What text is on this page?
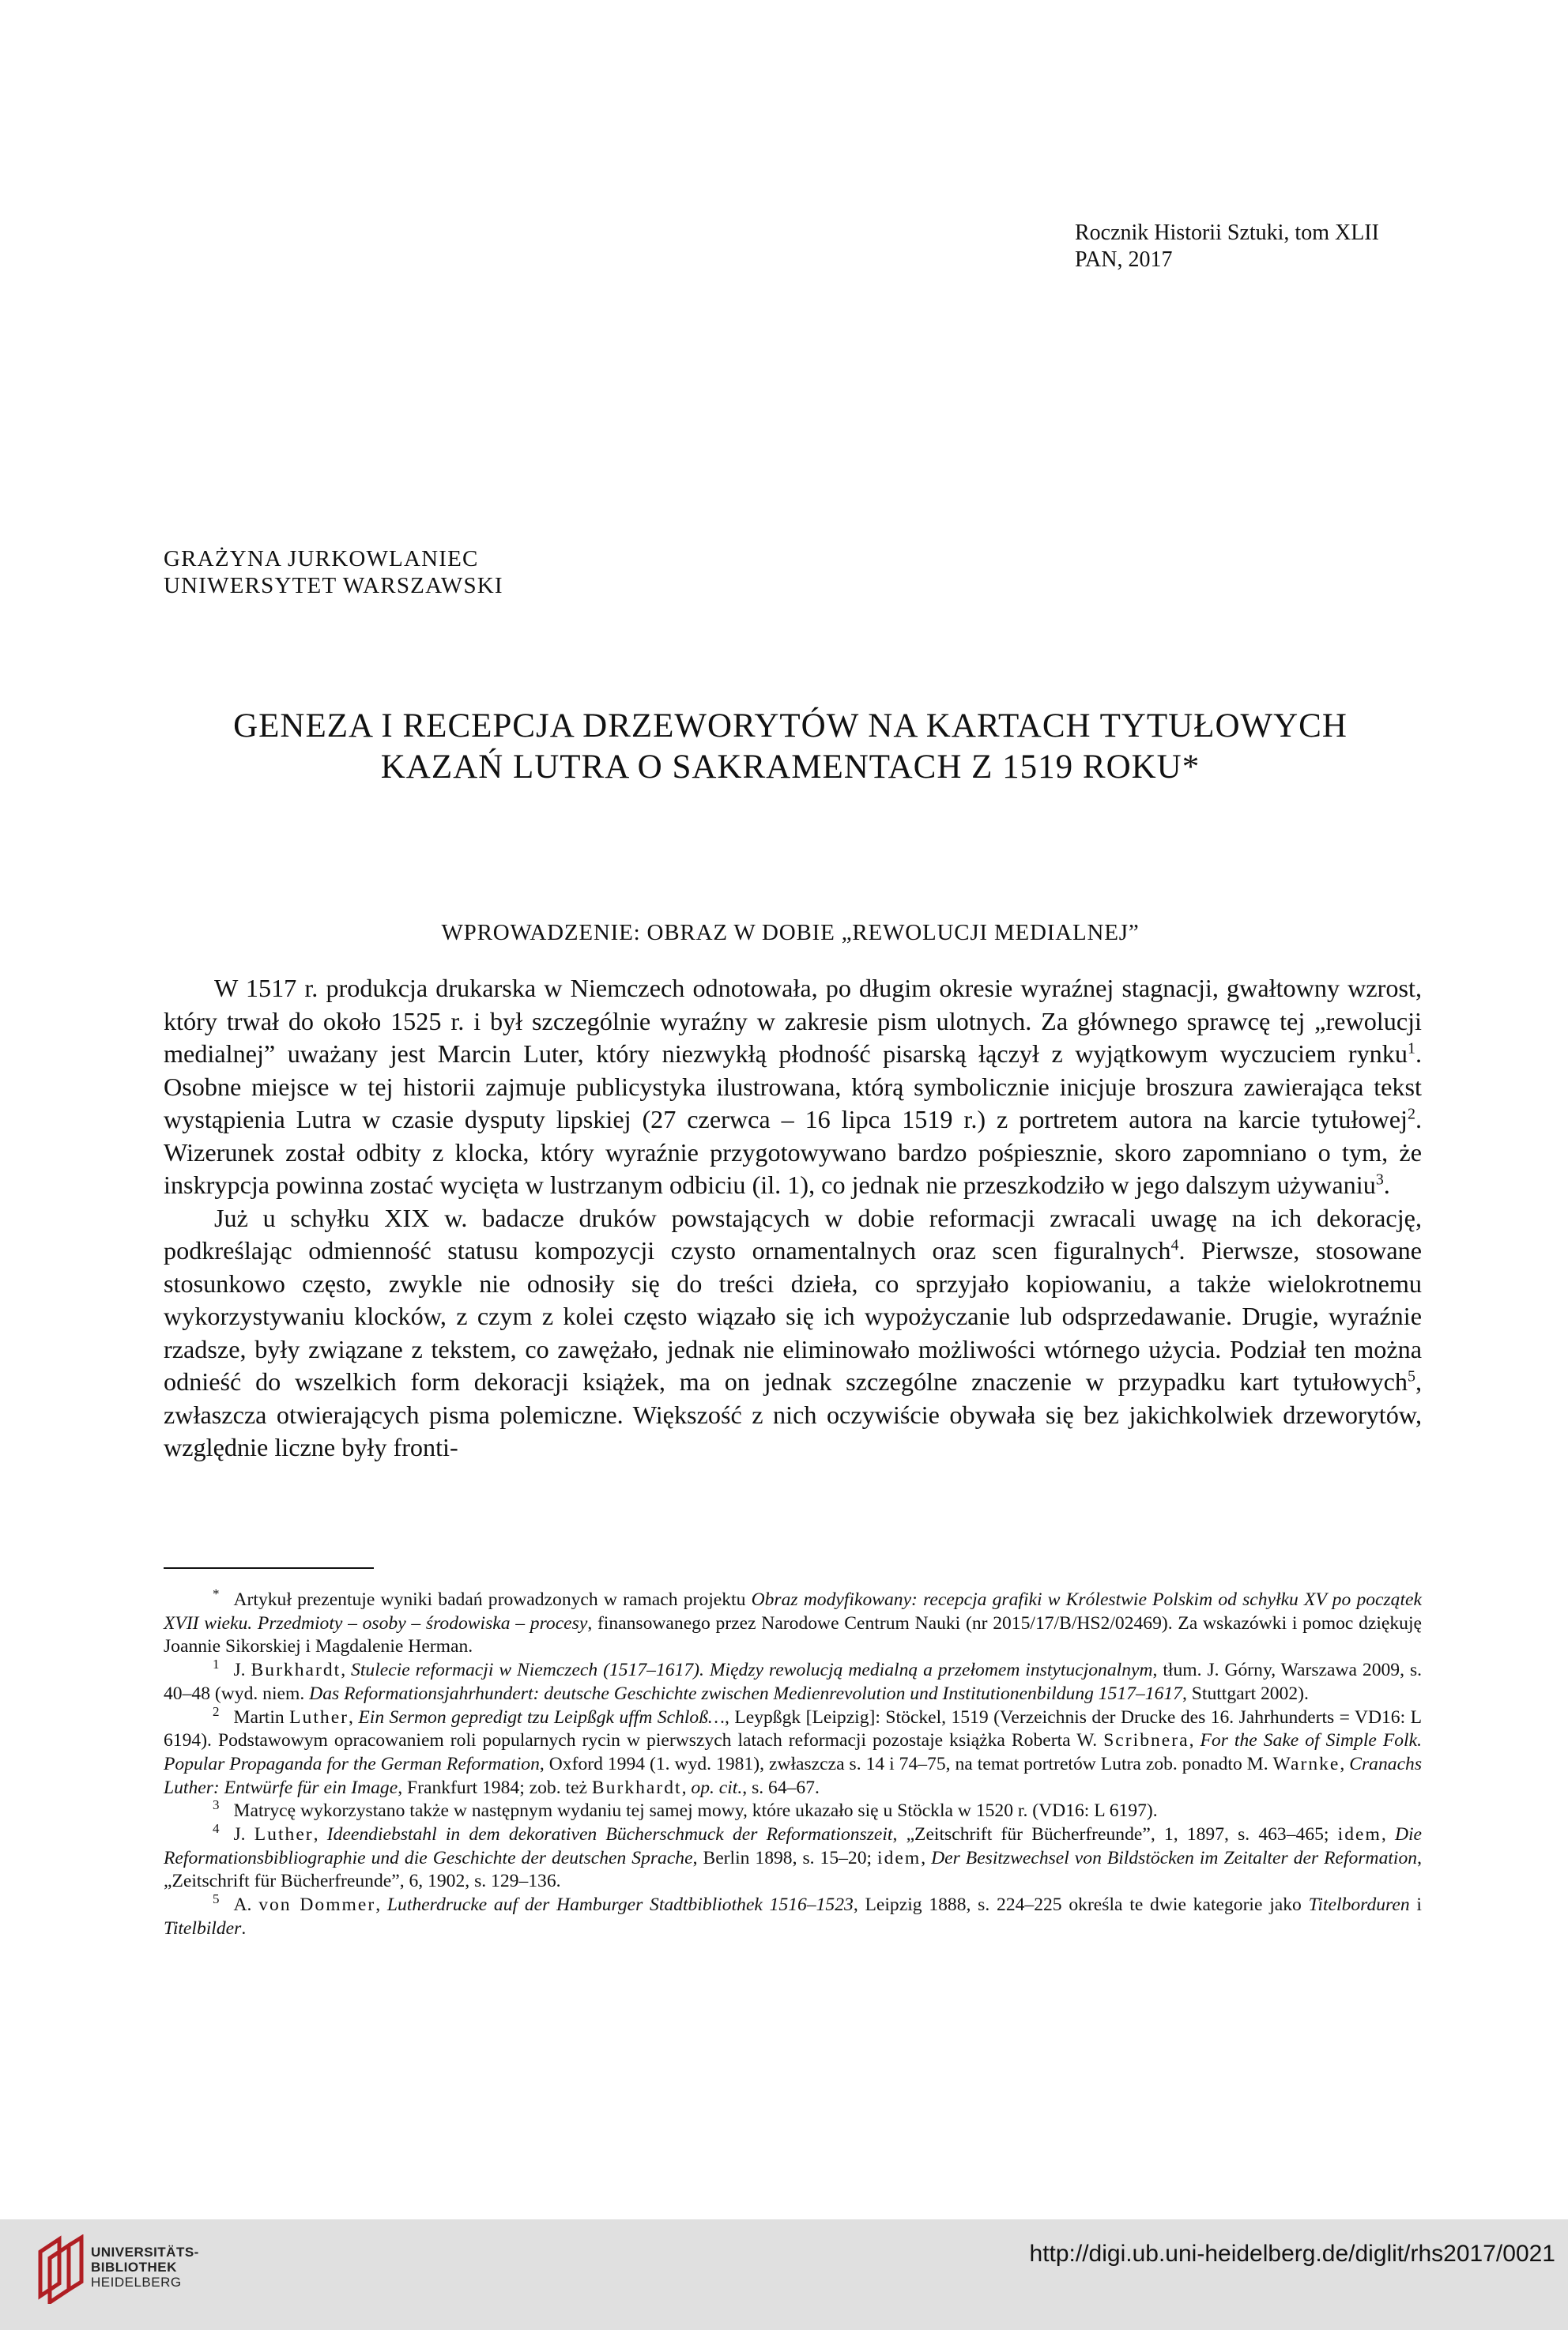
Rocznik Historii Sztuki, tom XLII
PAN, 2017
GRAŻYNA JURKOWLANIEC
UNIWERSYTET WARSZAWSKI
GENEZA I RECEPCJA DRZEWORYTÓW NA KARTACH TYTUŁOWYCH
KAZAŃ LUTRA O SAKRAMENTACH Z 1519 ROKU*
WPROWADZENIE: OBRAZ W DOBIE „REWOLUCJI MEDIALNEJ”

W 1517 r. produkcja drukarska w Niemczech odnotowała, po długim okresie wyraźnej stagnacji, gwałtowny wzrost, który trwał do około 1525 r. i był szczególnie wyraźny w zakresie pism ulotnych. Za głównego sprawcę tej „rewolucji medialnej” uważany jest Marcin Luter, który niezwykłą płodność pisarską łączył z wyjątkowym wyczuciem rynku$^1$. Osobne miejsce w tej historii zajmuje publicystyka ilustrowana, którą symbolicznie inicjuje broszura zawierająca tekst wystąpienia Lutra w czasie dysputy lipskiej (27 czerwca – 16 lipca 1519 r.) z portretem autora na karcie tytułowej$^2$. Wizerunek został odbity z klocka, który wyraźnie przygotowywano bardzo pośpiesznie, skoro zapomniano o tym, że inskrypcja powinna zostać wycięta w lustrzanym odbiciu (il. 1), co jednak nie przeszkodziło w jego dalszym używaniu$^3$.

Już u schyłku XIX w. badacze druków powstających w dobie reformacji zwracali uwagę na ich dekorację, podkreślając odmienność statusu kompozycji czysto ornamentalnych oraz scen figuralnych$^4$. Pierwsze, stosowane stosunkowo często, zwykle nie odnosiły się do treści dzieła, co sprzyjało kopiowaniu, a także wielokrotnemu wykorzystywaniu klocków, z czym z kolei często wiązało się ich wypożyczanie lub odsprzedawanie. Drugie, wyraźnie rzadsze, były związane z tekstem, co zawężało, jednak nie eliminowało możliwości wtórnego użycia. Podział ten można odnieść do wszelkich form dekoracji książek, ma on jednak szczególne znaczenie w przypadku kart tytułowych$^5$, zwłaszcza otwierających pisma polemiczne. Większość z nich oczywiście obywała się bez jakichkolwiek drzeworytów, względnie liczne były fronti-

* Artykuł prezentuje wyniki badań prowadzonych w ramach projektu Obraz modyfikowany: recepcja grafiki w Królestwie Polskim od schyłku XV po początek XVII wieku. Przedmioty – osoby – środowiska – procesy, finansowanego przez Narodowe Centrum Nauki (nr 2015/17/B/HS2/02469). Za wskazówki i pomoc dziękuję Joannie Sikorskiej i Magdalenie Herman.

$^1$ J. Burkhardt, Stulecie reformacji w Niemczech (1517–1617). Między rewolucją medialną a przełomem instytucjonalnym, tłum. J. Górny, Warszawa 2009, s. 40–48 (wyd. niem. Das Reformationsjahrhundert: deutsche Geschichte zwischen Medienrevolution und Institutionenbildung 1517–1617, Stuttgart 2002).

$^2$ Martin Luther, Ein Sermon gepredigt tzu Leipßgk uffm Schloß…, Leypßgk [Leipzig]: Stöckel, 1519 (Verzeichnis der Drucke des 16. Jahrhunderts = VD16: L 6194). Podstawowym opracowaniem roli popularnych rycin w pierwszych latach reformacji pozostaje książka Roberta W. Scribnera, For the Sake of Simple Folk. Popular Propaganda for the German Reformation, Oxford 1994 (1. wyd. 1981), zwłaszcza s. 14 i 74–75, na temat portretów Lutra zob. ponadto M. Warnke, Cranachs Luther: Entwürfe für ein Image, Frankfurt 1984; zob. też Burkhardt, op. cit., s. 64–67.

$^3$ Matrycę wykorzystano także w następnym wydaniu tej samej mowy, które ukazało się u Stöckla w 1520 r. (VD16: L 6197).

$^4$ J. Luther, Ideendiebstahl in dem dekorativen Bücherschmuck der Reformationszeit, „Zeitschrift für Bücherfreunde”, 1, 1897, s. 463–465; idem, Die Reformationsbibliographie und die Geschichte der deutschen Sprache, Berlin 1898, s. 15–20; idem, Der Besitzwechsel von Bildstöcken im Zeitalter der Reformation, „Zeitschrift für Bücherfreunde”, 6, 1902, s. 129–136.

$^5$ A. von Dommer, Lutherdrucke auf der Hamburger Stadtbibliothek 1516–1523, Leipzig 1888, s. 224–225 określa te dwie kategorie jako Titelborduren i Titelbilder.

UNIVERSITÄTS-
BIBLIOTHEK
HEIDELBERG
http://digi.ub.uni-heidelberg.de/diglit/rhs2017/0021
